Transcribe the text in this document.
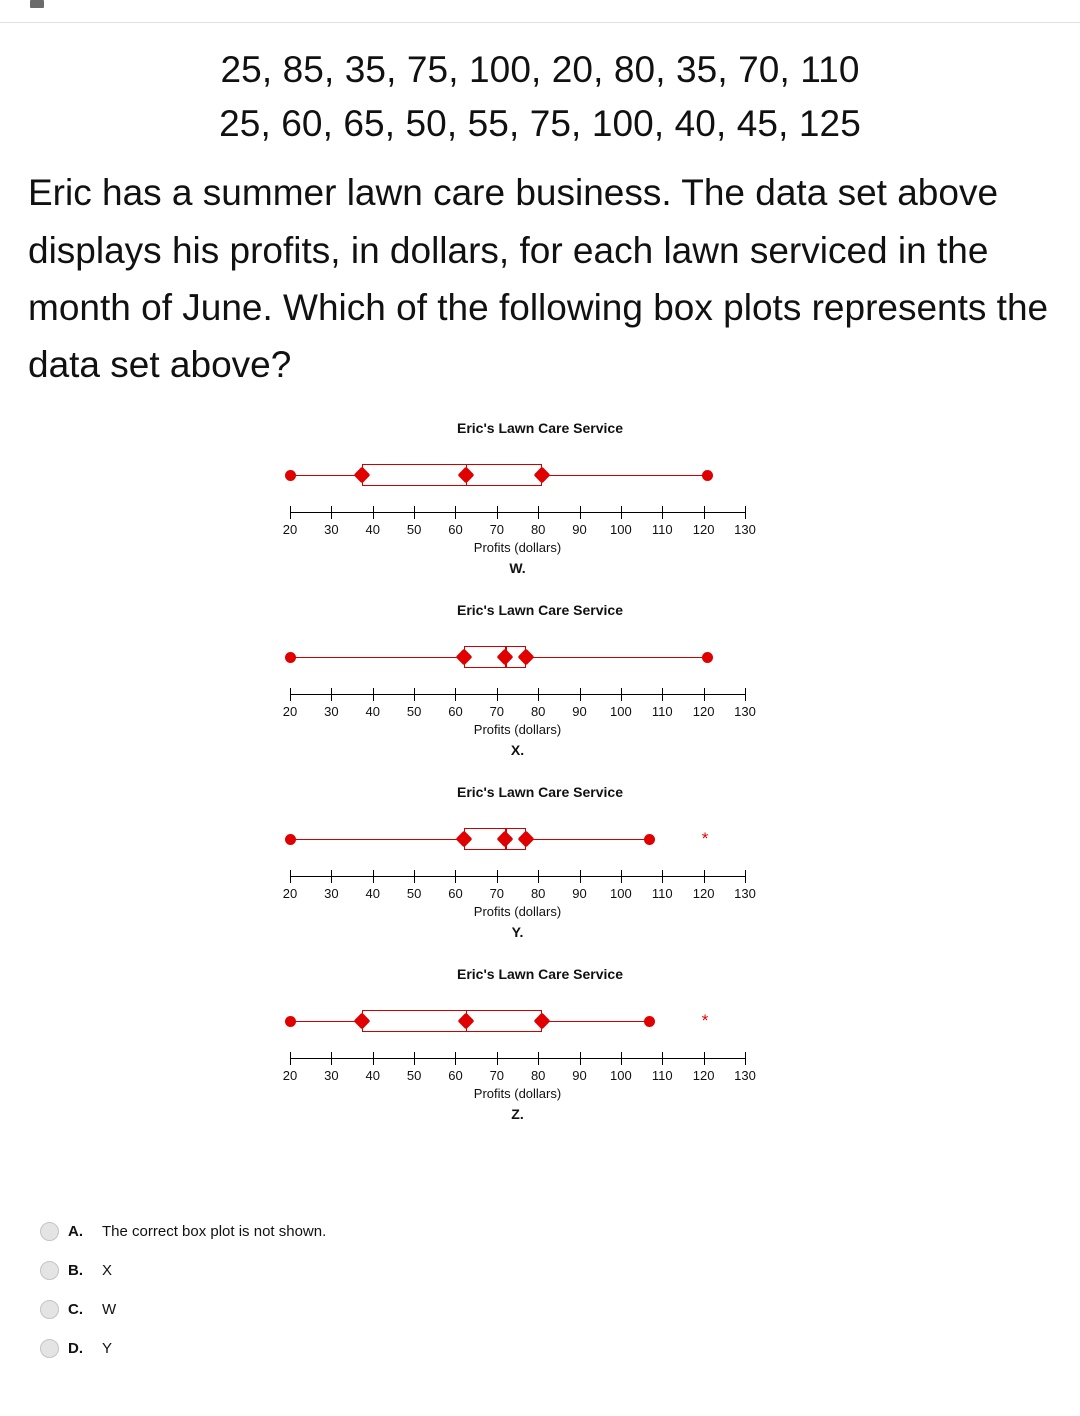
25, 85, 35, 75, 100, 20, 80, 35, 70, 110
25, 60, 65, 50, 55, 75, 100, 40, 45, 125
Eric has a summer lawn care business. The data set above displays his profits, in dollars, for each lawn serviced in the month of June. Which of the following box plots represents the data set above?
Eric's Lawn Care Service
20 30 40 50 60 70 80 90 100 110 120 130
Profits (dollars)
W.
Eric's Lawn Care Service
20 30 40 50 60 70 80 90 100 110 120 130
Profits (dollars)
X.
Eric's Lawn Care Service
*
20 30 40 50 60 70 80 90 100 110 120 130
Profits (dollars)
Y.
Eric's Lawn Care Service
*
20 30 40 50 60 70 80 90 100 110 120 130
Profits (dollars)
Z.
A.	The correct box plot is not shown.
B.	X
C.	W
D.	Y
